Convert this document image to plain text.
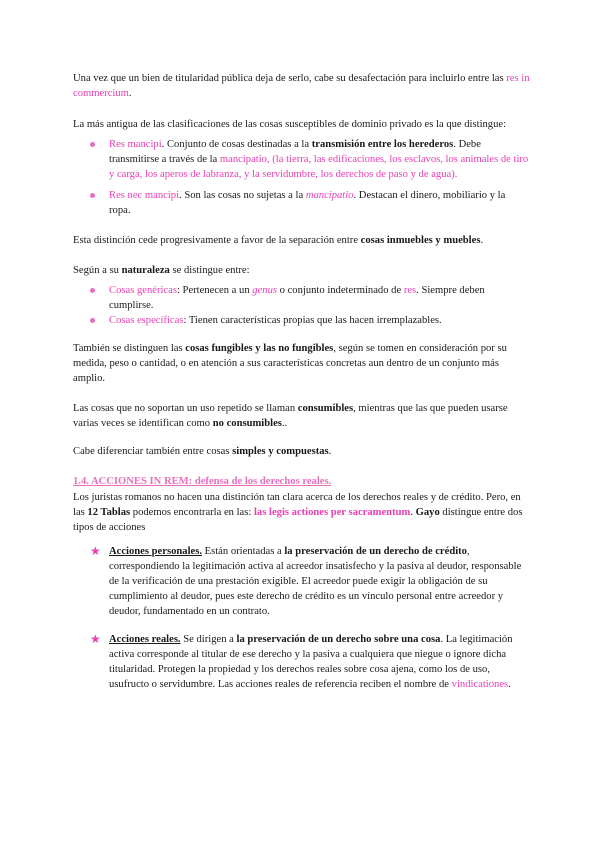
Una vez que un bien de titularidad pública deja de serlo, cabe su desafectación para incluirlo entre las res in commercium.

La más antigua de las clasificaciones de las cosas susceptibles de dominio privado es la que distingue:

Res mancipi. Conjunto de cosas destinadas a la transmisión entre los herederos. Debe transmitirse a través de la mancipatio, (la tierra, las edificaciones, los esclavos, los animales de tiro y carga, los aperos de labranza, y la servidumbre, los derechos de paso y de agua).

Res nec mancipi. Son las cosas no sujetas a la mancipatio. Destacan el dinero, mobiliario y la ropa.

Esta distinción cede progresivamente a favor de la separación entre cosas inmuebles y muebles.

Según a su naturaleza se distingue entre:

Cosas genéricas: Pertenecen a un genus o conjunto indeterminado de res. Siempre deben cumplirse.

Cosas específicas: Tienen características propias que las hacen irremplazables.

También se distinguen las cosas fungibles y las no fungibles, según se tomen en consideración por su medida, peso o cantidad, o en atención a sus características concretas aun dentro de un conjunto más amplio.

Las cosas que no soportan un uso repetido se llaman consumibles, mientras que las que pueden usarse varias veces se identifican como no consumibles..

Cabe diferenciar también entre cosas simples y compuestas.

1.4. ACCIONES IN REM: defensa de los derechos reales.

Los juristas romanos no hacen una distinción tan clara acerca de los derechos reales y de crédito. Pero, en las 12 Tablas podemos encontrarla en las: las legis actiones per sacramentum. Gayo distingue entre dos tipos de acciones

★ Acciones personales. Están orientadas a la preservación de un derecho de crédito, correspondiendo la legitimación activa al acreedor insatisfecho y la pasiva al deudor, responsable de la verificación de una prestación exigible. El acreedor puede exigir la obligación de su cumplimiento al deudor, pues este derecho de crédito es un vínculo personal entre acreedor y deudor, fundamentado en un contrato.

★ Acciones reales. Se dirigen a la preservación de un derecho sobre una cosa. La legitimación activa corresponde al titular de ese derecho y la pasiva a cualquiera que niegue o ignore dicha titularidad. Protegen la propiedad y los derechos reales sobre cosa ajena, como los de uso, usufructo o servidumbre. Las acciones reales de referencia reciben el nombre de vindicationes.
